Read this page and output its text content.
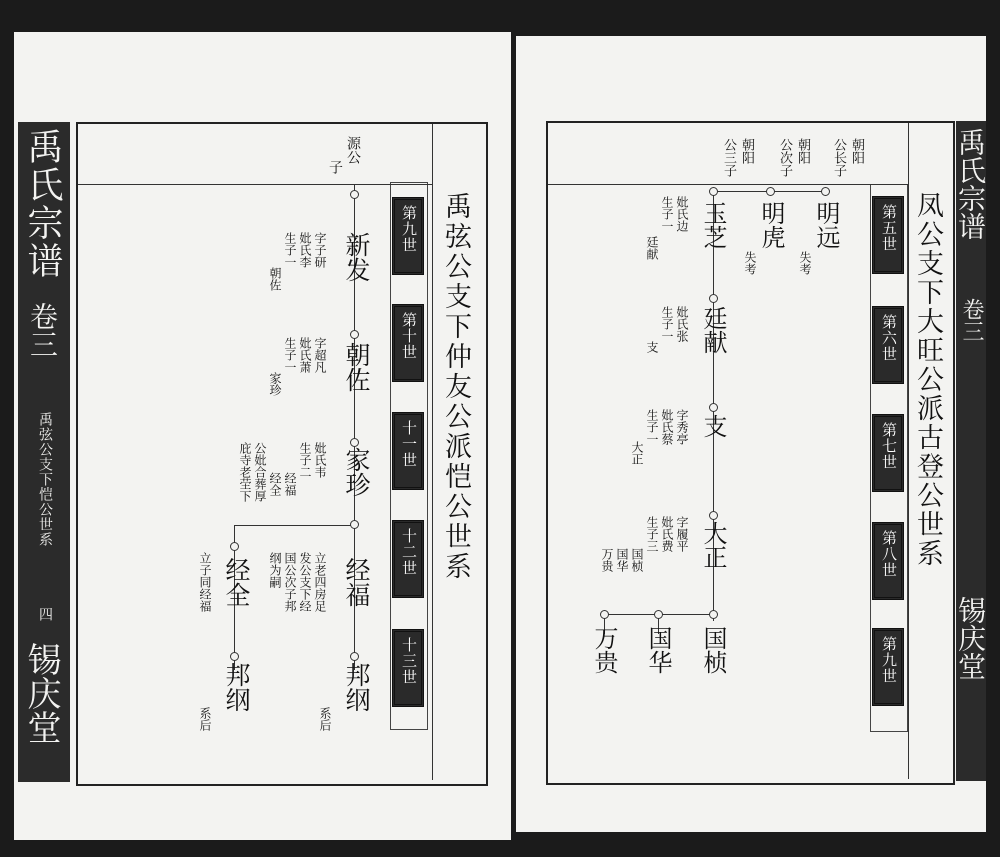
禹氏宗谱
卷三
禹弦公支下恺公世系
四
锡庆堂
禹弦公支下仲友公派恺公世系
第九世
第十世
十一世
十二世
十三世
源公
子

新发
字子研
妣氏李
生子一
朝佐
朝佐
字超凡
妣氏萧
生子一
家珍
家珍
妣氏韦
生子二
经福
经全
公妣合葬厚
庇寺老茔下
经福
立老四房足
发公支下经
国公次子邦
纲为嗣
邦纲
系后
经全
立子同经福
邦纲
系后
禹氏宗谱
卷三
锡庆堂
凤公支下大旺公派古登公世系
第五世
第六世
第七世
第八世
第九世
朝阳
公长子
朝阳
公次子
朝阳
公三子
明远
失考
明虎
失考
玉芝
妣氏边
生子一
廷献
廷献
妣氏张
生子一
支
支
字秀亭
妣氏蔡
生子一
大正
大正
字履平
妣氏费
生子三
国桢
国华
万贵
国桢
国华
万贵
